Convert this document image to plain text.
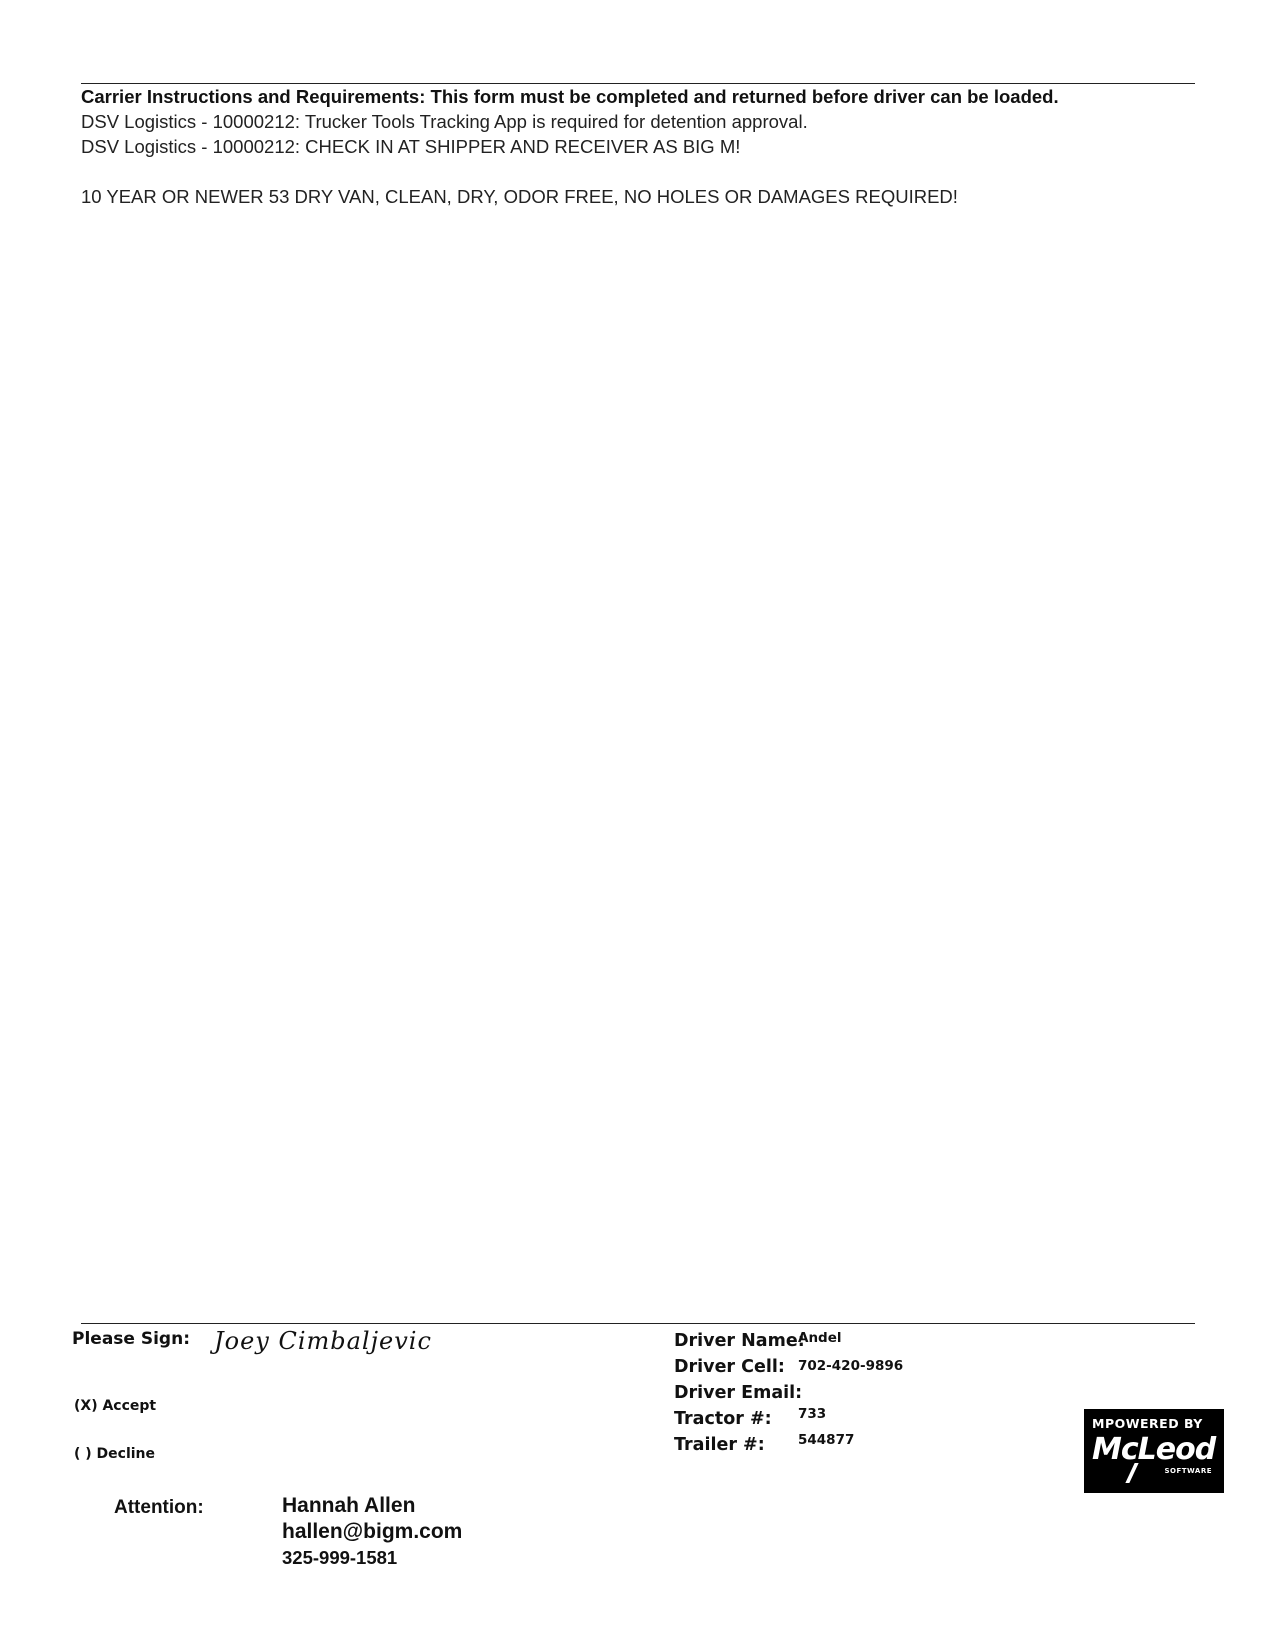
Carrier Instructions and Requirements: This form must be completed and returned before driver can be loaded.
DSV Logistics - 10000212: Trucker Tools Tracking App is required for detention approval.
DSV Logistics - 10000212: CHECK IN AT SHIPPER AND RECEIVER AS BIG M!
10 YEAR OR NEWER 53 DRY VAN, CLEAN, DRY, ODOR FREE, NO HOLES OR DAMAGES REQUIRED!
Please Sign: Joey Cimbaljevic
(X) Accept
( ) Decline
Driver Name:
Andel
Driver Cell: 702-420-9896
Driver Email:
Tractor #: 733
Trailer #: 544877
MPOWERED BY
McLeod
SOFTWARE
Attention:	Hannah Allen
hallen@bigm.com
325-999-1581
